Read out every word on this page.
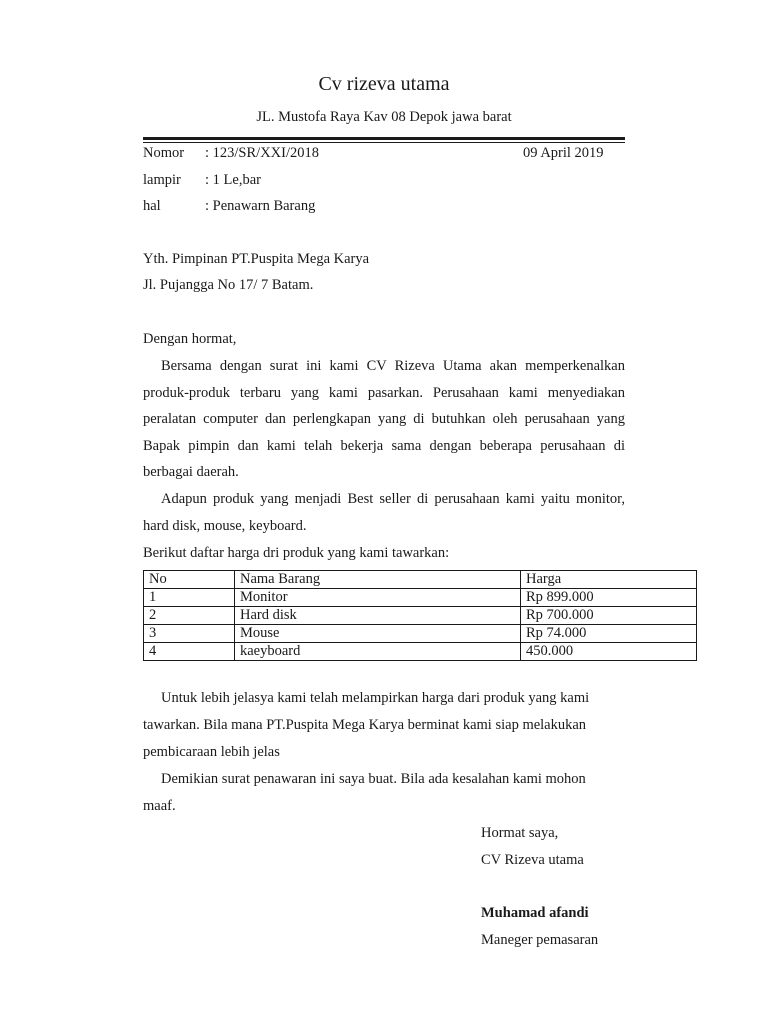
Cv rizeva utama
JL. Mustofa Raya Kav 08 Depok jawa barat
Nomor : 123/SR/XXI/2018	09 April 2019
lampir : 1 Le,bar
hal	: Penawarn Barang
Yth. Pimpinan PT.Puspita Mega Karya
Jl. Pujangga No 17/ 7 Batam.
Dengan hormat,
Bersama dengan surat ini kami CV Rizeva Utama akan memperkenalkan
produk-produk terbaru yang kami pasarkan. Perusahaan kami menyediakan
peralatan computer dan perlengkapan yang di butuhkan oleh perusahaan yang
Bapak pimpin dan kami telah bekerja sama dengan beberapa perusahaan di
berbagai daerah.
Adapun produk yang menjadi Best seller di perusahaan kami yaitu monitor,
hard disk, mouse, keyboard.
Berikut daftar harga dri produk yang kami tawarkan:
No	Nama Barang	Harga
1	Monitor	Rp 899.000
2	Hard disk	Rp 700.000
3	Mouse	Rp 74.000
4	kaeyboard	450.000
Untuk lebih jelasya kami telah melampirkan harga dari produk yang kami
tawarkan. Bila mana PT.Puspita Mega Karya berminat kami siap melakukan
pembicaraan lebih jelas
Demikian surat penawaran ini saya buat. Bila ada kesalahan kami mohon
maaf.
Hormat saya,
CV Rizeva utama
Muhamad afandi
Maneger pemasaran
